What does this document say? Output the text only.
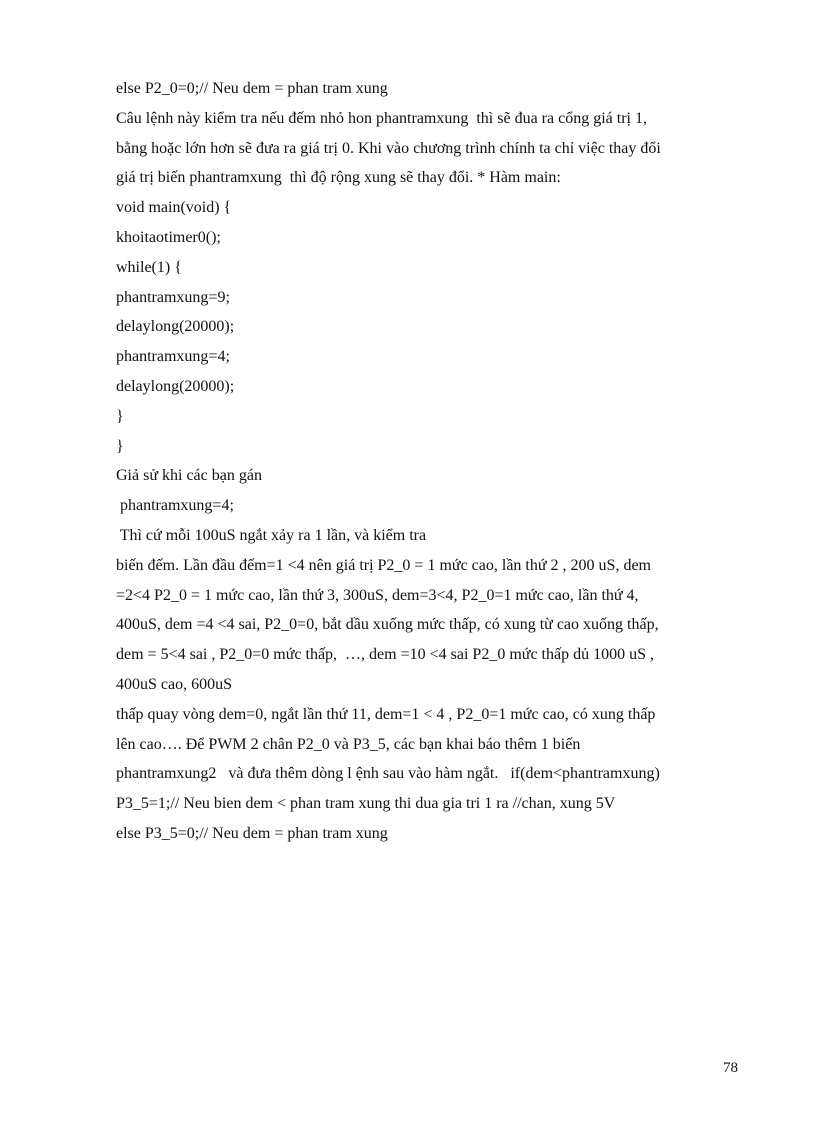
else P2_0=0;// Neu dem = phan tram xung
Câu lệnh này kiểm tra nếu đếm nhỏ hon phantramxung  thì sẽ đua ra cổng giá trị 1,
bằng hoặc lớn hơn sẽ đưa ra giá trị 0. Khi vào chương trình chính ta chỉ việc thay đổi
giá trị biến phantramxung  thì độ rộng xung sẽ thay đổi. * Hàm main:
void main(void) {
khoitaotimer0();
while(1) {
phantramxung=9;
delaylong(20000);
phantramxung=4;
delaylong(20000);
}
}
Giả sử khi các bạn gán
phantramxung=4;
Thì cứ mỗi 100uS ngắt xảy ra 1 lần, và kiểm tra
biến đếm. Lần đầu đếm=1 <4 nên giá trị P2_0 = 1 mức cao, lần thứ 2 , 200 uS, dem
=2<4 P2_0 = 1 mức cao, lần thứ 3, 300uS, dem=3<4, P2_0=1 mức cao, lần thứ 4,
400uS, dem =4 <4 sai, P2_0=0, bắt dầu xuống mức thấp, có xung từ cao xuống thấp,
dem = 5<4 sai , P2_0=0 mức thấp,  …, dem =10 <4 sai P2_0 mức thấp dủ 1000 uS ,
400uS cao, 600uS
thấp quay vòng dem=0, ngắt lần thứ 11, dem=1 < 4 , P2_0=1 mức cao, có xung thấp
lên cao…. Để PWM 2 chân P2_0 và P3_5, các bạn khai báo thêm 1 biến
phantramxung2   và đưa thêm dòng l ệnh sau vào hàm ngắt.   if(dem<phantramxung)
P3_5=1;// Neu bien dem < phan tram xung thi dua gia tri 1 ra //chan, xung 5V
else P3_5=0;// Neu dem = phan tram xung
78
